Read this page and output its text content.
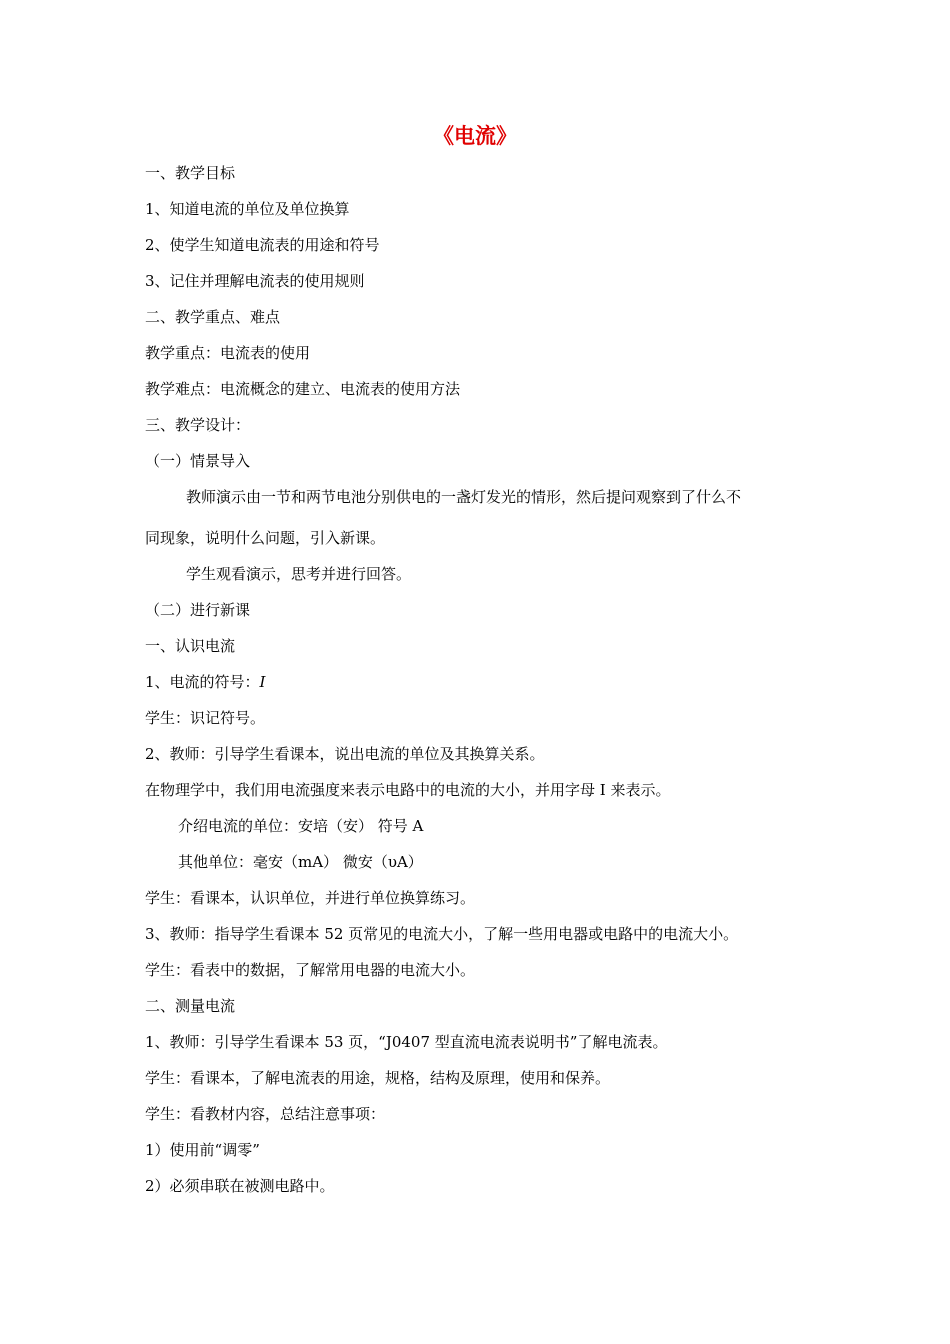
《电流》
一、教学目标
1、知道电流的单位及单位换算
2、使学生知道电流表的用途和符号
3、记住并理解电流表的使用规则
二、教学重点、难点
教学重点：电流表的使用
教学难点：电流概念的建立、电流表的使用方法
三、教学设计：
（一）情景导入
教师演示由一节和两节电池分别供电的一盏灯发光的情形，然后提问观察到了什么不
同现象，说明什么问题，引入新课。
学生观看演示，思考并进行回答。
（二）进行新课
一、认识电流
1、电流的符号：I
学生：识记符号。
2、教师：引导学生看课本，说出电流的单位及其换算关系。
在物理学中，我们用电流强度来表示电路中的电流的大小，并用字母 I 来表示。
介绍电流的单位：安培（安） 符号 A
其他单位：毫安（mA） 微安（υA）
学生：看课本，认识单位，并进行单位换算练习。
3、教师：指导学生看课本 52 页常见的电流大小，了解一些用电器或电路中的电流大小。
学生：看表中的数据，了解常用电器的电流大小。
二、测量电流
1、教师：引导学生看课本 53 页，“J0407 型直流电流表说明书”了解电流表。
学生：看课本，了解电流表的用途，规格，结构及原理，使用和保养。
学生：看教材内容，总结注意事项：
1）使用前“调零”
2）必须串联在被测电路中。
